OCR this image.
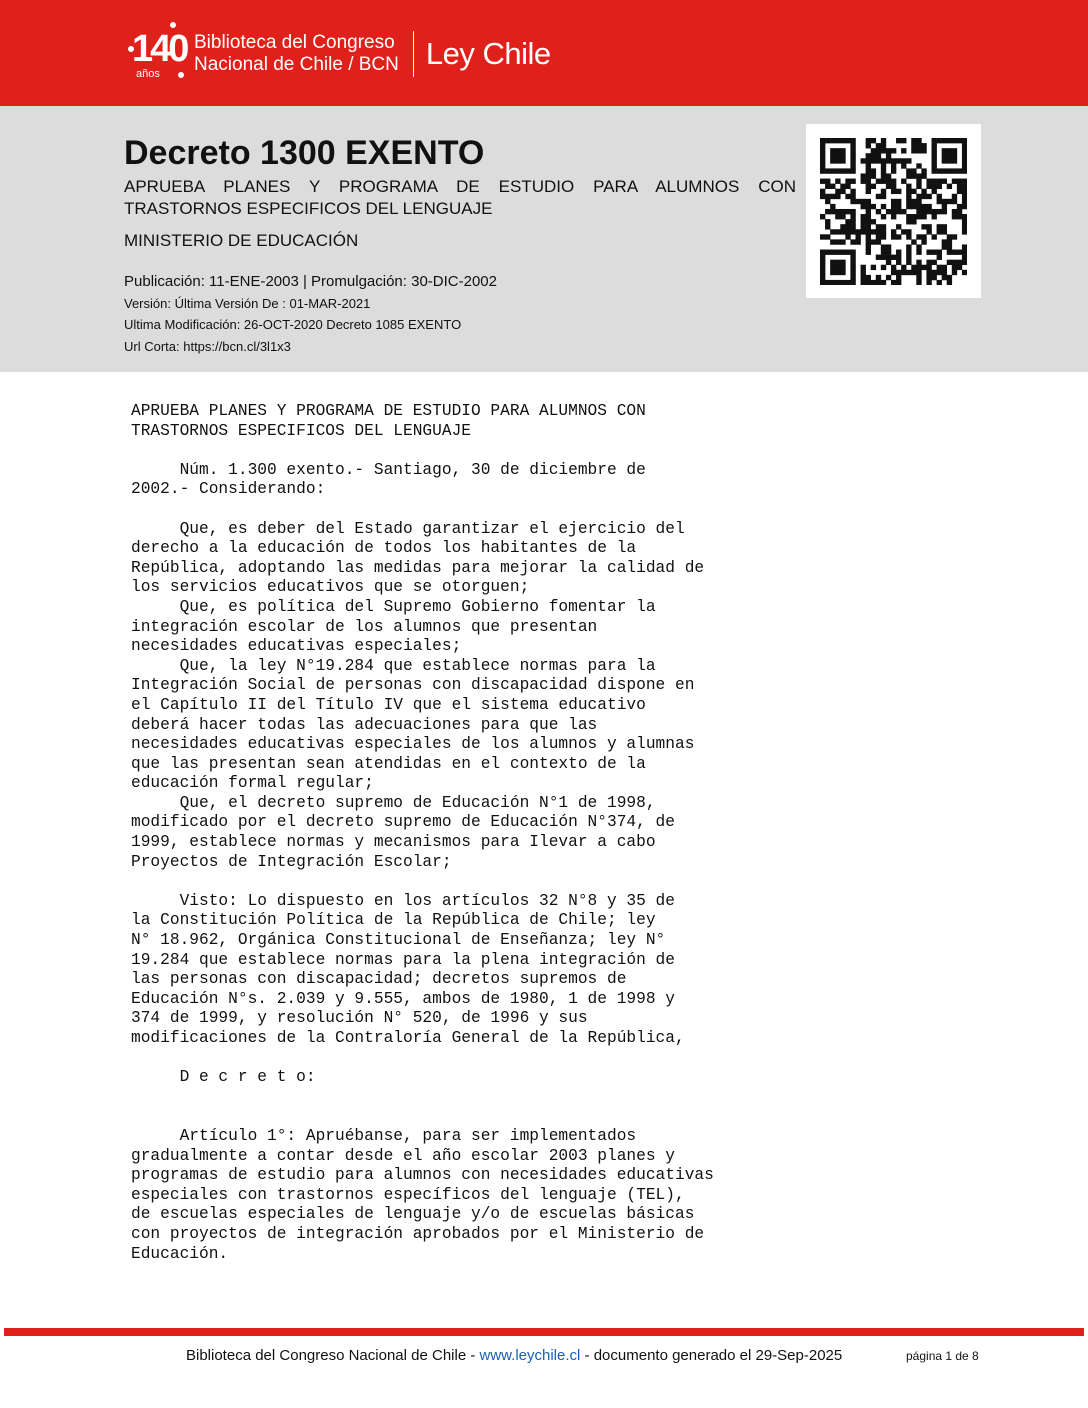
140
años
Biblioteca del Congreso
Nacional de Chile / BCN Ley Chile
Decreto 1300 EXENTO
APRUEBA PLANES Y PROGRAMA DE ESTUDIO PARA ALUMNOS CON TRASTORNOS ESPECIFICOS DEL LENGUAJE
MINISTERIO DE EDUCACIÓN
Publicación: 11-ENE-2003 | Promulgación: 30-DIC-2002
Versión: Última Versión De : 01-MAR-2021
Ultima Modificación: 26-OCT-2020 Decreto 1085 EXENTO
Url Corta: https://bcn.cl/3l1x3
APRUEBA PLANES Y PROGRAMA DE ESTUDIO PARA ALUMNOS CON
TRASTORNOS ESPECIFICOS DEL LENGUAJE

Núm. 1.300 exento.- Santiago, 30 de diciembre de
2002.- Considerando:

Que, es deber del Estado garantizar el ejercicio del
derecho a la educación de todos los habitantes de la
República, adoptando las medidas para mejorar la calidad de
los servicios educativos que se otorguen;
Que, es política del Supremo Gobierno fomentar la
integración escolar de los alumnos que presentan
necesidades educativas especiales;
Que, la ley N°19.284 que establece normas para la
Integración Social de personas con discapacidad dispone en
el Capítulo II del Título IV que el sistema educativo
deberá hacer todas las adecuaciones para que las
necesidades educativas especiales de los alumnos y alumnas
que las presentan sean atendidas en el contexto de la
educación formal regular;
Que, el decreto supremo de Educación N°1 de 1998,
modificado por el decreto supremo de Educación N°374, de
1999, establece normas y mecanismos para Ilevar a cabo
Proyectos de Integración Escolar;

Visto: Lo dispuesto en los artículos 32 N°8 y 35 de
la Constitución Política de la República de Chile; ley
N° 18.962, Orgánica Constitucional de Enseñanza; ley N°
19.284 que establece normas para la plena integración de
las personas con discapacidad; decretos supremos de
Educación N°s. 2.039 y 9.555, ambos de 1980, 1 de 1998 y
374 de 1999, y resolución N° 520, de 1996 y sus
modificaciones de la Contraloría General de la República,

D e c r e t o:

Artículo 1°: Apruébanse, para ser implementados
gradualmente a contar desde el año escolar 2003 planes y
programas de estudio para alumnos con necesidades educativas
especiales con trastornos específicos del lenguaje (TEL),
de escuelas especiales de lenguaje y/o de escuelas básicas
con proyectos de integración aprobados por el Ministerio de
Educación.
Biblioteca del Congreso Nacional de Chile - www.leychile.cl - documento generado el 29-Sep-2025	página 1 de 8
